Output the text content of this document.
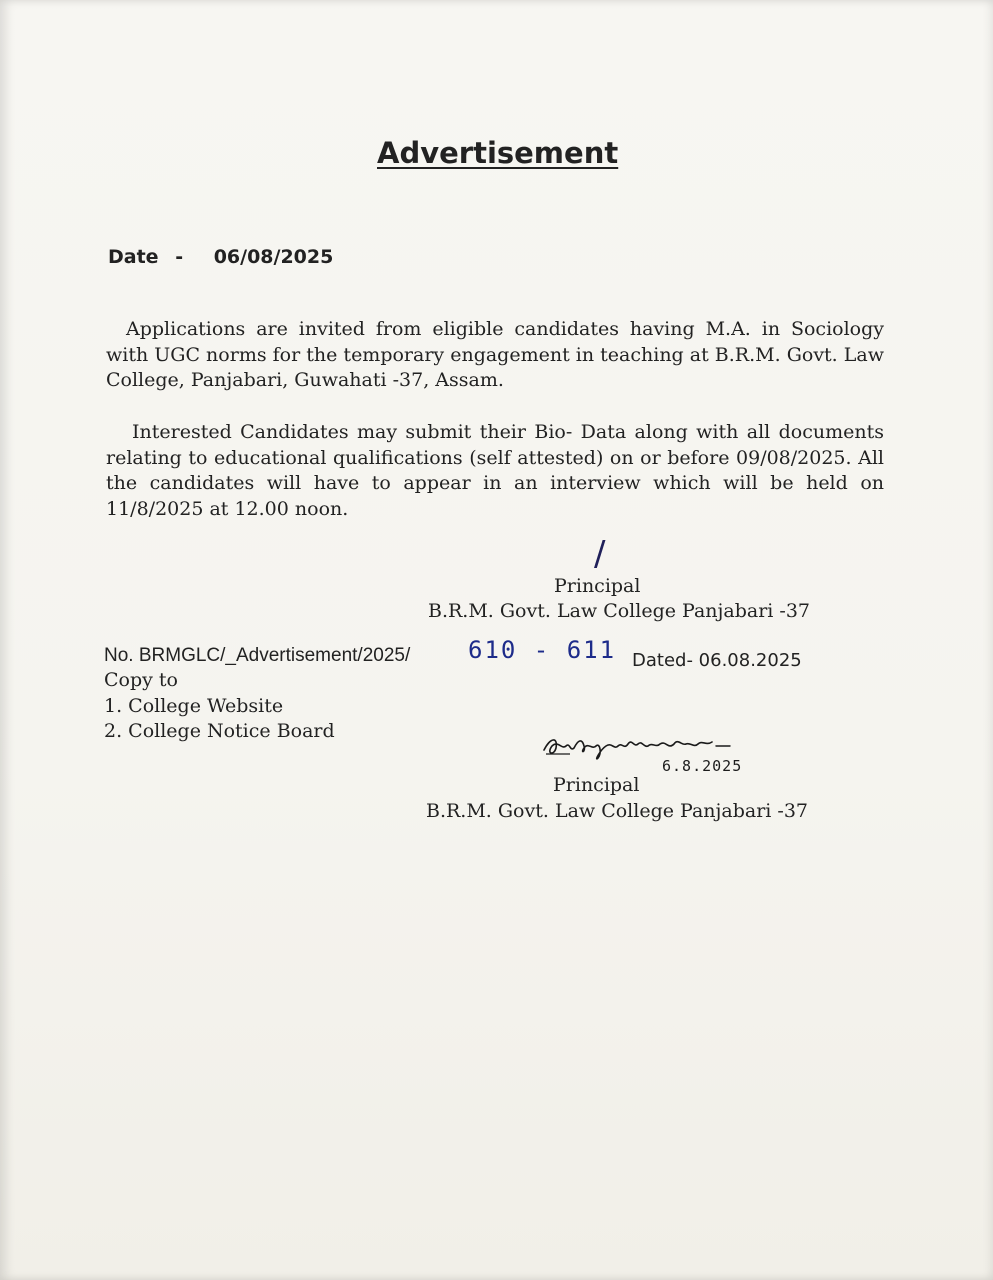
Advertisement
Date - 06/08/2025
Applications are invited from eligible candidates having M.A. in Sociology with UGC norms for the temporary engagement in teaching at B.R.M. Govt. Law College, Panjabari, Guwahati -37, Assam.
Interested Candidates may submit their Bio- Data along with all documents relating to educational qualifications (self attested) on or before 09/08/2025. All the candidates will have to appear in an interview which will be held on 11/8/2025 at 12.00 noon.
/
Principal
B.R.M. Govt. Law College Panjabari -37
No. BRMGLC/_Advertisement/2025/ 610 - 611 Dated- 06.08.2025
Copy to
1. College Website
2. College Notice Board
6.8.2025
Principal
B.R.M. Govt. Law College Panjabari -37
